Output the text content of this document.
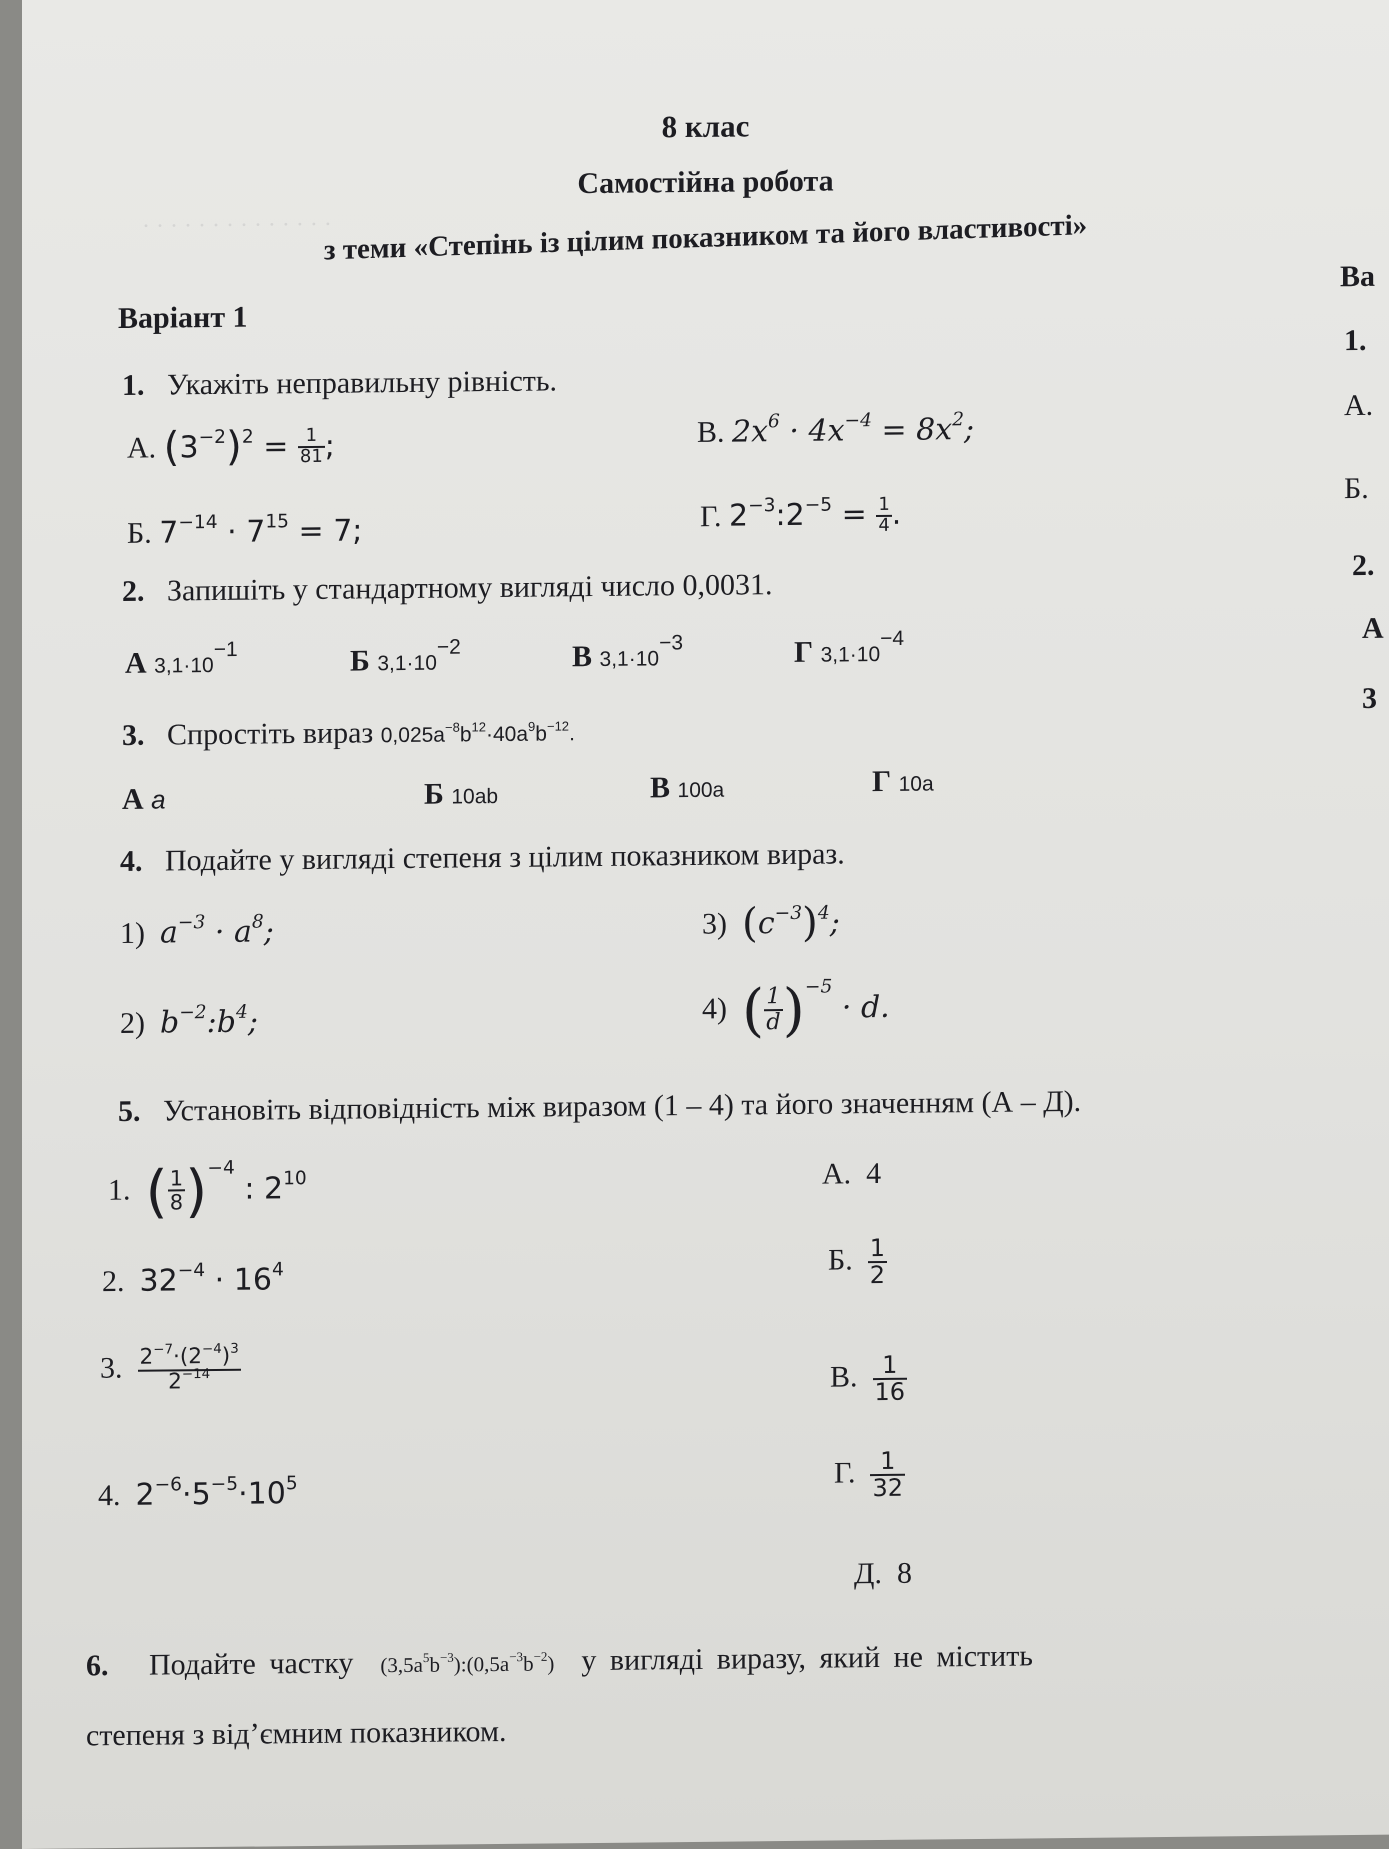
· · · · · · · · · · · · · ·
8 клас
Самостійна робота
з теми «Степінь із цілим показником та його властивості»
Варіант 1
Ва
1.
А.
Б.
2.
А
3
1. Укажіть неправильну рівність.
А. $(3^{-2})^2 = \frac{1}{81}$ ;	В. $2x^6 \cdot 4x^{-4} = 8x^2$;
Б. $7^{-14} \cdot 7^{15} = 7$;	Г. $2^{-3}:2^{-5} = \frac{1}{4}$ .
2. Запишіть у стандартному вигляді число 0,0031.
А $3,1\cdot 10^{-1}$	Б $3,1\cdot 10^{-2}$	В $3,1\cdot 10^{-3}$	Г $3,1\cdot 10^{-4}$
3. Спростіть вираз $0,025a^{-8}b^{12}\cdot 40a^9b^{-12}$.
А a	Б 10ab	В 100a	Г 10a
4. Подайте у вигляді степеня з цілим показником вираз.
1) $a^{-3} \cdot a^8$;	3) $(c^{-3})^4$;
2) $b^{-2}:b^4$;	4) ( $\frac{1}{d} )^{-5} \cdot d$.
5. Установіть відповідність між виразом (1 – 4) та його значенням (А – Д).
1. ( $\frac{1}{8} )^{-4}$ : $2^{10}$
2. $32^{-4} \cdot 16^4$
3. $\frac{2^{-7}\cdot(2^{-4})^3}{2^{-14}}$
4. $2^{-6}\cdot 5^{-5}\cdot 10^5$
А. 4
Б. $\frac{1}{2}$
В. $\frac{1}{16}$
Г. $\frac{1}{32}$
Д. 8
6. Подайте частку $(3,5a^5b^{-3}):(0,5a^{-3}b^{-2})$ у вигляді виразу, який не містить
степеня з від’ємним показником.
